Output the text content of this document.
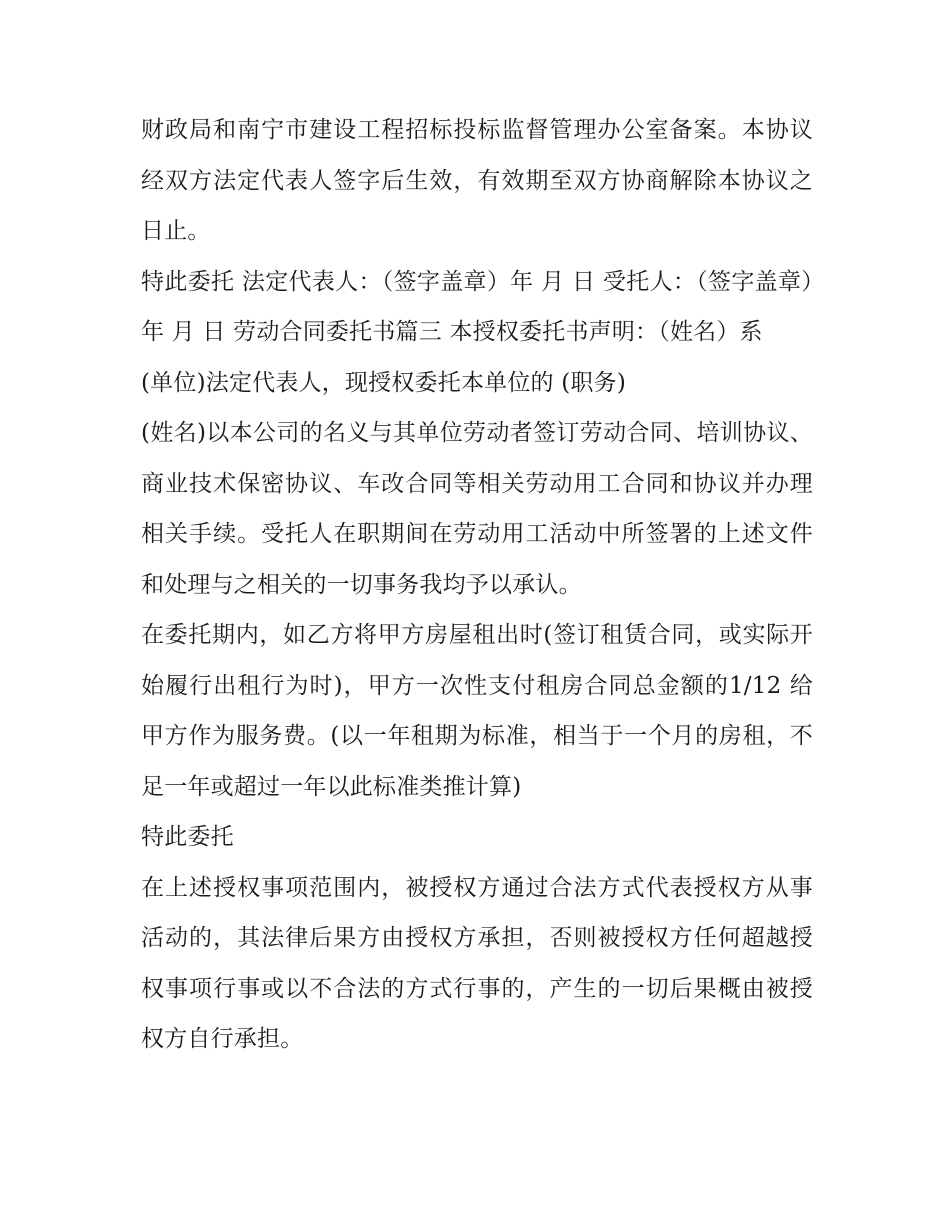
财政局和南宁市建设工程招标投标监督管理办公室备案。本协议经双方法定代表人签字后生效，有效期至双方协商解除本协议之日止。

特此委托 法定代表人：（签字盖章）年 月 日 受托人：（签字盖章）年 月 日 劳动合同委托书篇三 本授权委托书声明：（姓名）系

(单位)法定代表人，现授权委托本单位的 (职务)

(姓名)以本公司的名义与其单位劳动者签订劳动合同、培训协议、商业技术保密协议、车改合同等相关劳动用工合同和协议并办理相关手续。受托人在职期间在劳动用工活动中所签署的上述文件和处理与之相关的一切事务我均予以承认。

在委托期内，如乙方将甲方房屋租出时(签订租赁合同，或实际开始履行出租行为时)，甲方一次性支付租房合同总金额的1/12 给甲方作为服务费。(以一年租期为标准，相当于一个月的房租，不足一年或超过一年以此标准类推计算)

特此委托

在上述授权事项范围内，被授权方通过合法方式代表授权方从事活动的，其法律后果方由授权方承担，否则被授权方任何超越授权事项行事或以不合法的方式行事的，产生的一切后果概由被授权方自行承担。
